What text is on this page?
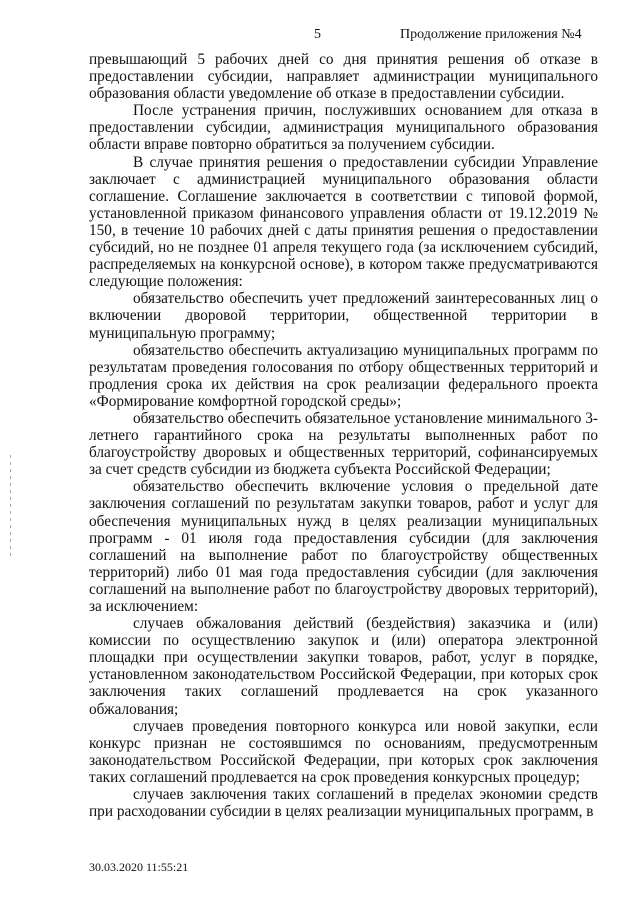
5	Продолжение приложения №4

превышающий 5 рабочих дней со дня принятия решения об отказе в предоставлении субсидии, направляет администрации муниципального образования области уведомление об отказе в предоставлении субсидии.

После устранения причин, послуживших основанием для отказа в предоставлении субсидии, администрация муниципального образования области вправе повторно обратиться за получением субсидии.

В случае принятия решения о предоставлении субсидии Управление заключает с администрацией муниципального образования области соглашение. Соглашение заключается в соответствии с типовой формой, установленной приказом финансового управления области от 19.12.2019 № 150, в течение 10 рабочих дней с даты принятия решения о предоставлении субсидий, но не позднее 01 апреля текущего года (за исключением субсидий, распределяемых на конкурсной основе), в котором также предусматриваются следующие положения:

обязательство обеспечить учет предложений заинтересованных лиц о включении дворовой территории, общественной территории в муниципальную программу;

обязательство обеспечить актуализацию муниципальных программ по результатам проведения голосования по отбору общественных территорий и продления срока их действия на срок реализации федерального проекта «Формирование комфортной городской среды»;

обязательство обеспечить обязательное установление минимального 3-летнего гарантийного срока на результаты выполненных работ по благоустройству дворовых и общественных территорий, софинансируемых за счет средств субсидии из бюджета субъекта Российской Федерации;

обязательство обеспечить включение условия о предельной дате заключения соглашений по результатам закупки товаров, работ и услуг для обеспечения муниципальных нужд в целях реализации муниципальных программ - 01 июля года предоставления субсидии (для заключения соглашений на выполнение работ по благоустройству общественных территорий) либо 01 мая года предоставления субсидии (для заключения соглашений на выполнение работ по благоустройству дворовых территорий), за исключением:

случаев обжалования действий (бездействия) заказчика и (или) комиссии по осуществлению закупок и (или) оператора электронной площадки при осуществлении закупки товаров, работ, услуг в порядке, установленном законодательством Российской Федерации, при которых срок заключения таких соглашений продлевается на срок указанного обжалования;

случаев проведения повторного конкурса или новой закупки, если конкурс признан не состоявшимся по основаниям, предусмотренным законодательством Российской Федерации, при которых срок заключения таких соглашений продлевается на срок проведения конкурсных процедур;

случаев заключения таких соглашений в пределах экономии средств при расходовании субсидии в целях реализации муниципальных программ, в

30.03.2020 11:55:21
